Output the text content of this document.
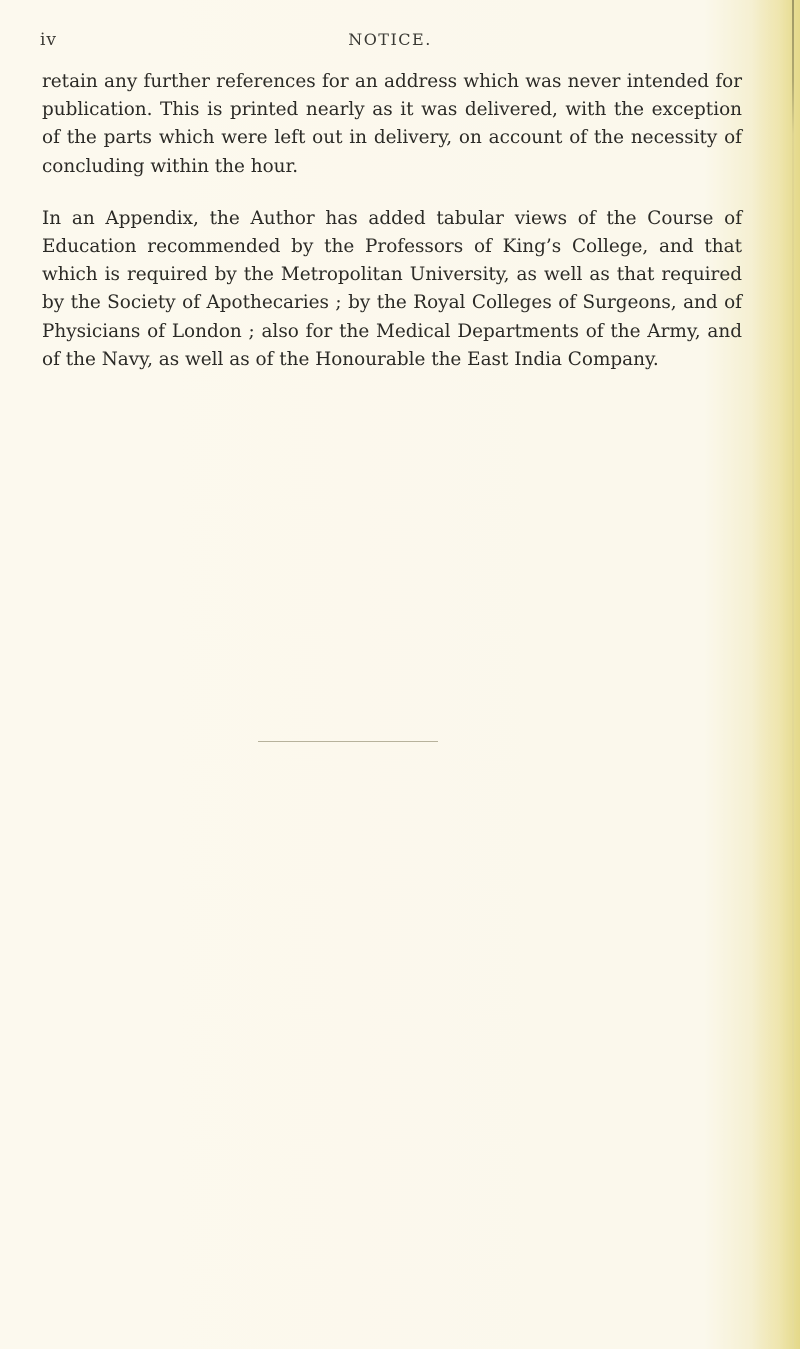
iv	NOTICE.

retain any further references for an address which was never intended for publication. This is printed nearly as it was delivered, with the exception of the parts which were left out in delivery, on account of the necessity of concluding within the hour.

In an Appendix, the Author has added tabular views of the Course of Education recommended by the Professors of King’s College, and that which is required by the Metropolitan University, as well as that required by the Society of Apothecaries ; by the Royal Colleges of Surgeons, and of Physicians of London ; also for the Medical Departments of the Army, and of the Navy, as well as of the Honourable the East India Company.
